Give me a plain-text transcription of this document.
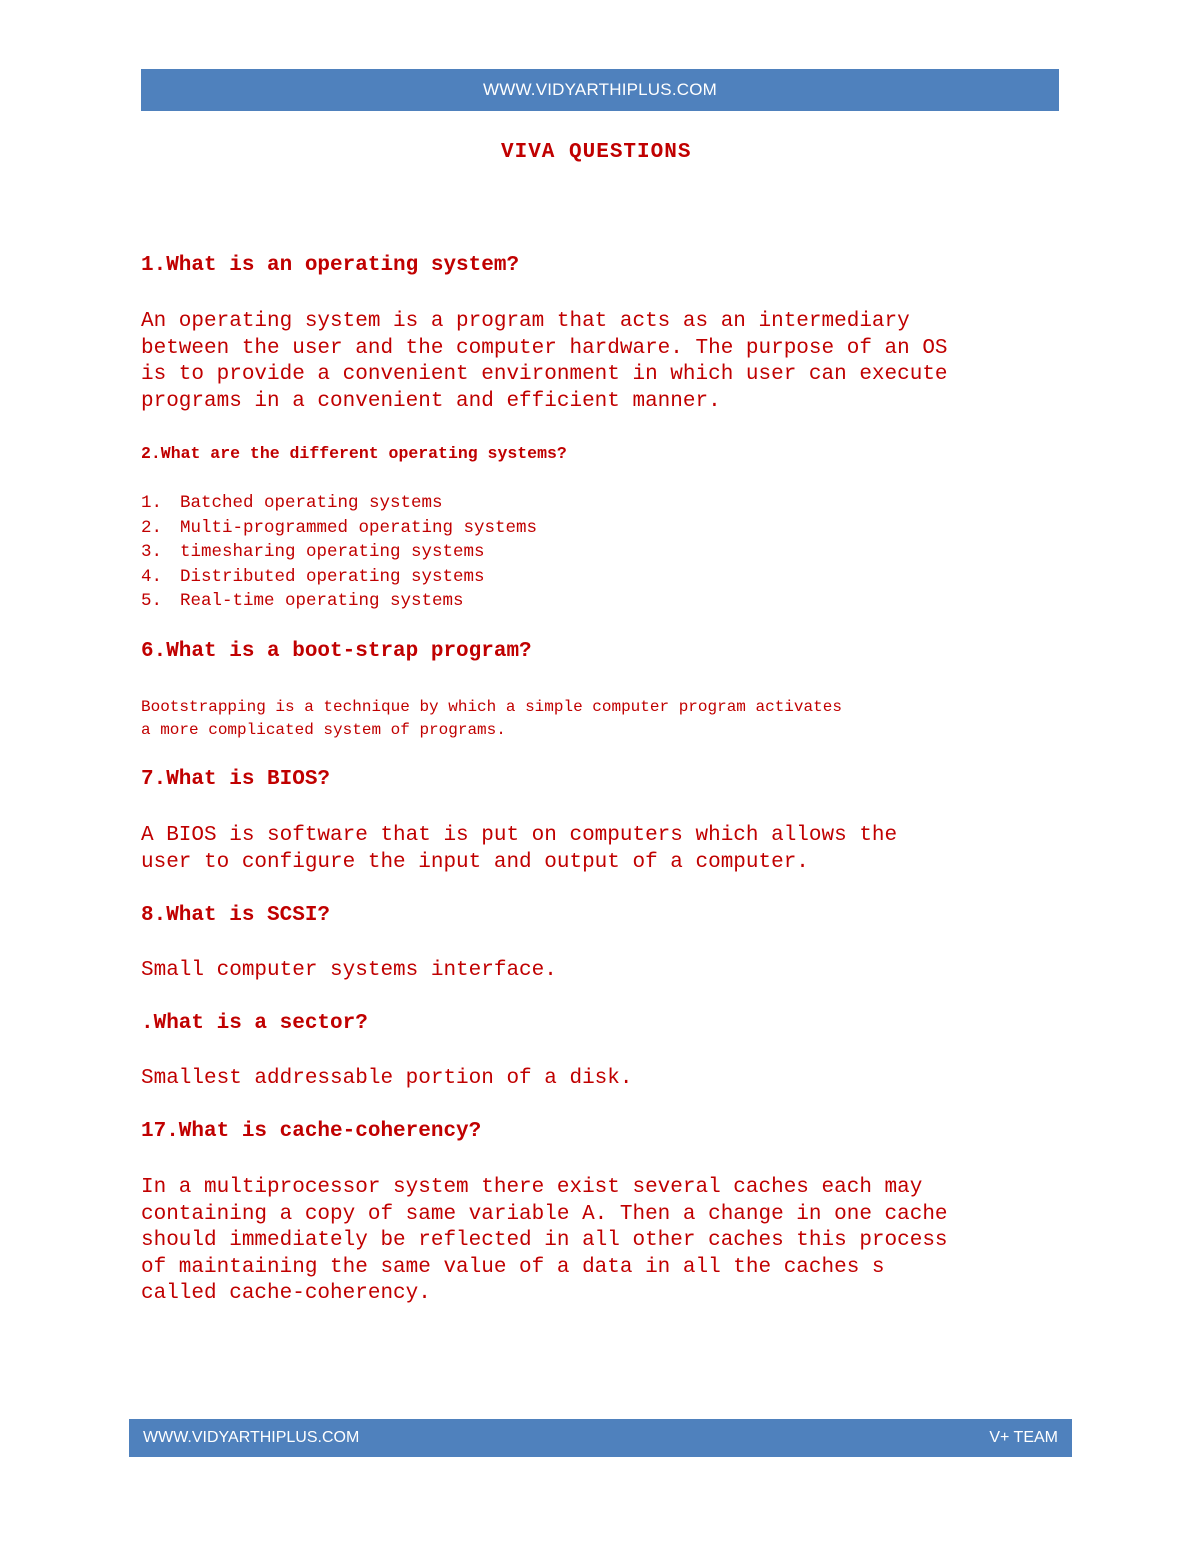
WWW.VIDYARTHIPLUS.COM
VIVA QUESTIONS
1.What is an operating system?

An operating system is a program that acts as an intermediary
between the user and the computer hardware. The purpose of an OS
is to provide a convenient environment in which user can execute
programs in a convenient and efficient manner.

2.What are the different operating systems?
1. Batched operating systems
2. Multi-programmed operating systems
3. timesharing operating systems
4. Distributed operating systems
5. Real-time operating systems
6.What is a boot-strap program?

Bootstrapping is a technique by which a simple computer program activates
a more complicated system of programs.

7.What is BIOS?

A BIOS is software that is put on computers which allows the
user to configure the input and output of a computer.

8.What is SCSI?

Small computer systems interface.

.What is a sector?

Smallest addressable portion of a disk.

17.What is cache-coherency?

In a multiprocessor system there exist several caches each may
containing a copy of same variable A. Then a change in one cache
should immediately be reflected in all other caches this process
of maintaining the same value of a data in all the caches s
called cache-coherency.

WWW.VIDYARTHIPLUS.COM	V+ TEAM
